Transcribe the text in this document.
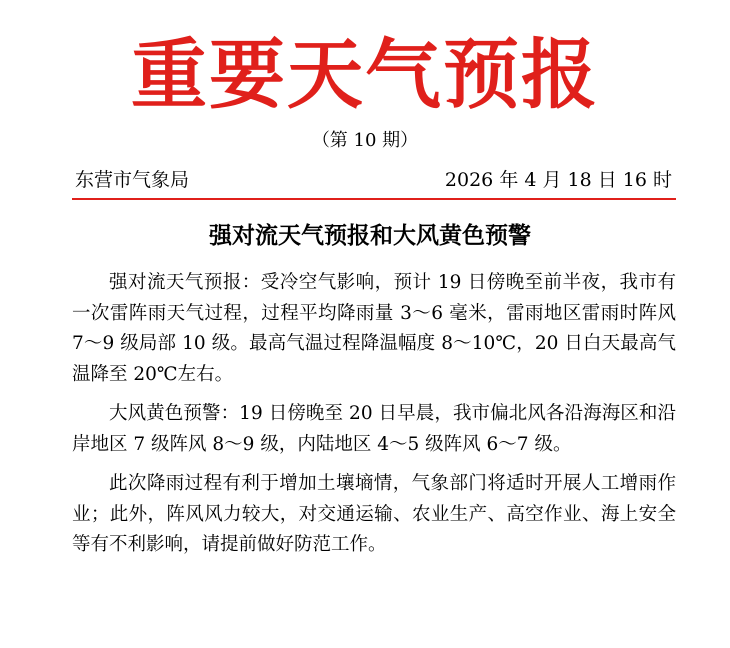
重要天气预报
（第 10 期）
东营市气象局	2026 年 4 月 18 日 16 时
强对流天气预报和大风黄色预警

强对流天气预报：受冷空气影响，预计 19 日傍晚至前半夜，我市有一次雷阵雨天气过程，过程平均降雨量 3～6 毫米，雷雨地区雷雨时阵风 7～9 级局部 10 级。最高气温过程降温幅度 8～10℃，20 日白天最高气温降至 20℃左右。

大风黄色预警：19 日傍晚至 20 日早晨，我市偏北风各沿海海区和沿岸地区 7 级阵风 8～9 级，内陆地区 4～5 级阵风 6～7 级。

此次降雨过程有利于增加土壤墒情，气象部门将适时开展人工增雨作业；此外，阵风风力较大，对交通运输、农业生产、高空作业、海上安全等有不利影响，请提前做好防范工作。
